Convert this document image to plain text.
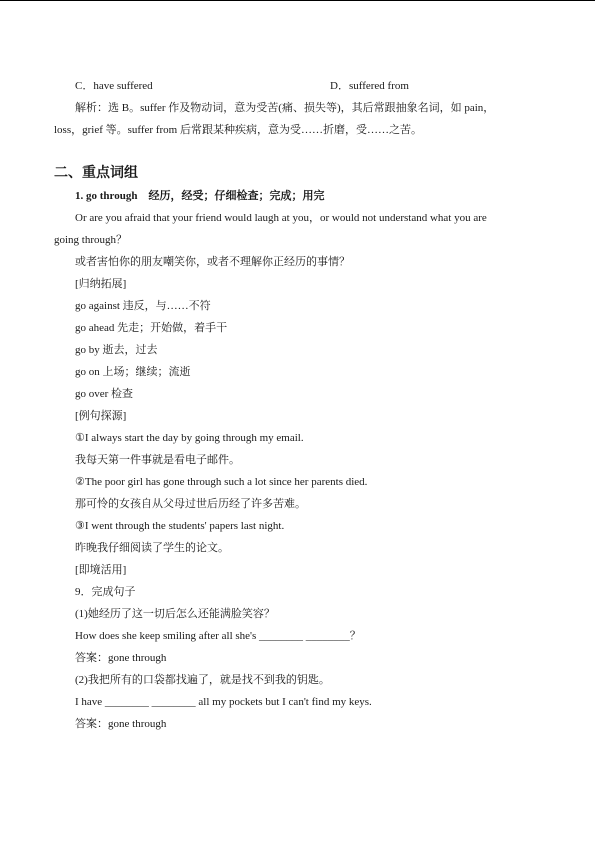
C．have suffered	D．suffered from
解析：选 B。suffer 作及物动词，意为受苦(痛、损失等)，其后常跟抽象名词，如 pain，
loss，grief 等。suffer from 后常跟某种疾病，意为受……折磨，受……之苦。
二、重点词组
1. go through　经历，经受；仔细检查；完成；用完
Or are you afraid that your friend would laugh at you，or would not understand what you are
going through？
或者害怕你的朋友嘲笑你，或者不理解你正经历的事情？
[归纳拓展]
go against 违反，与……不符
go ahead 先走；开始做，着手干
go by 逝去，过去
go on 上场；继续；流逝
go over 检查
[例句探源]
①I always start the day by going through my email.
我每天第一件事就是看电子邮件。
②The poor girl has gone through such a lot since her parents died.
那可怜的女孩自从父母过世后历经了许多苦难。
③I went through the students' papers last night.
昨晚我仔细阅读了学生的论文。
[即境活用]
9．完成句子
(1)她经历了这一切后怎么还能满脸笑容？
How does she keep smiling after all she's ________ ________？
答案：gone through
(2)我把所有的口袋都找遍了，就是找不到我的钥匙。
I have ________ ________ all my pockets but I can't find my keys.
答案：gone through
